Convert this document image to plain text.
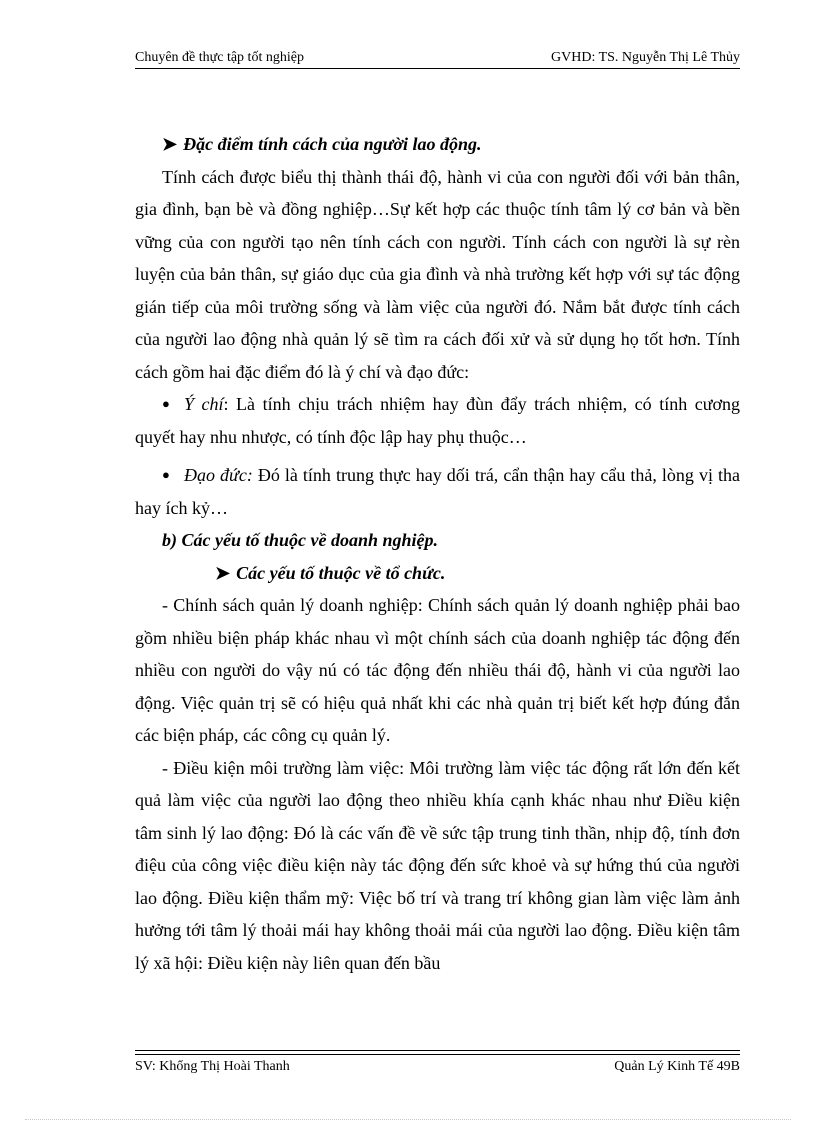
Chuyên đề thực tập tốt nghiệp	GVHD: TS. Nguyễn Thị Lê Thủy

➤ Đặc điểm tính cách của người lao động.

Tính cách được biểu thị thành thái độ, hành vi của con người đối với bản thân, gia đình, bạn bè và đồng nghiệp…Sự kết hợp các thuộc tính tâm lý cơ bản và bền vững của con người tạo nên tính cách con người. Tính cách con người là sự rèn luyện của bản thân, sự giáo dục của gia đình và nhà trường kết hợp với sự tác động gián tiếp của môi trường sống và làm việc của người đó. Nắm bắt được tính cách của người lao động nhà quản lý sẽ tìm ra cách đối xử và sử dụng họ tốt hơn. Tính cách gồm hai đặc điểm đó là ý chí và đạo đức:

● Ý chí: Là tính chịu trách nhiệm hay đùn đẩy trách nhiệm, có tính cương quyết hay nhu nhược, có tính độc lập hay phụ thuộc…

● Đạo đức: Đó là tính trung thực hay dối trá, cẩn thận hay cẩu thả, lòng vị tha hay ích kỷ…

b) Các yếu tố thuộc về doanh nghiệp.

➤ Các yếu tố thuộc về tổ chức.

- Chính sách quản lý doanh nghiệp: Chính sách quản lý doanh nghiệp phải bao gồm nhiều biện pháp khác nhau vì một chính sách của doanh nghiệp tác động đến nhiều con người do vậy nú có tác động đến nhiều thái độ, hành vi của người lao động. Việc quản trị sẽ có hiệu quả nhất khi các nhà quản trị biết kết hợp đúng đắn các biện pháp, các công cụ quản lý.

- Điều kiện môi trường làm việc: Môi trường làm việc tác động rất lớn đến kết quả làm việc của người lao động theo nhiều khía cạnh khác nhau như Điều kiện tâm sinh lý lao động: Đó là các vấn đề về sức tập trung tinh thần, nhịp độ, tính đơn điệu của công việc điều kiện này tác động đến sức khoẻ và sự hứng thú của người lao động. Điều kiện thẩm mỹ: Việc bố trí và trang trí không gian làm việc làm ảnh hưởng tới tâm lý thoải mái hay không thoải mái của người lao động. Điều kiện tâm lý xã hội: Điều kiện này liên quan đến bầu

SV: Khổng Thị Hoài Thanh	Quản Lý Kinh Tế 49B
